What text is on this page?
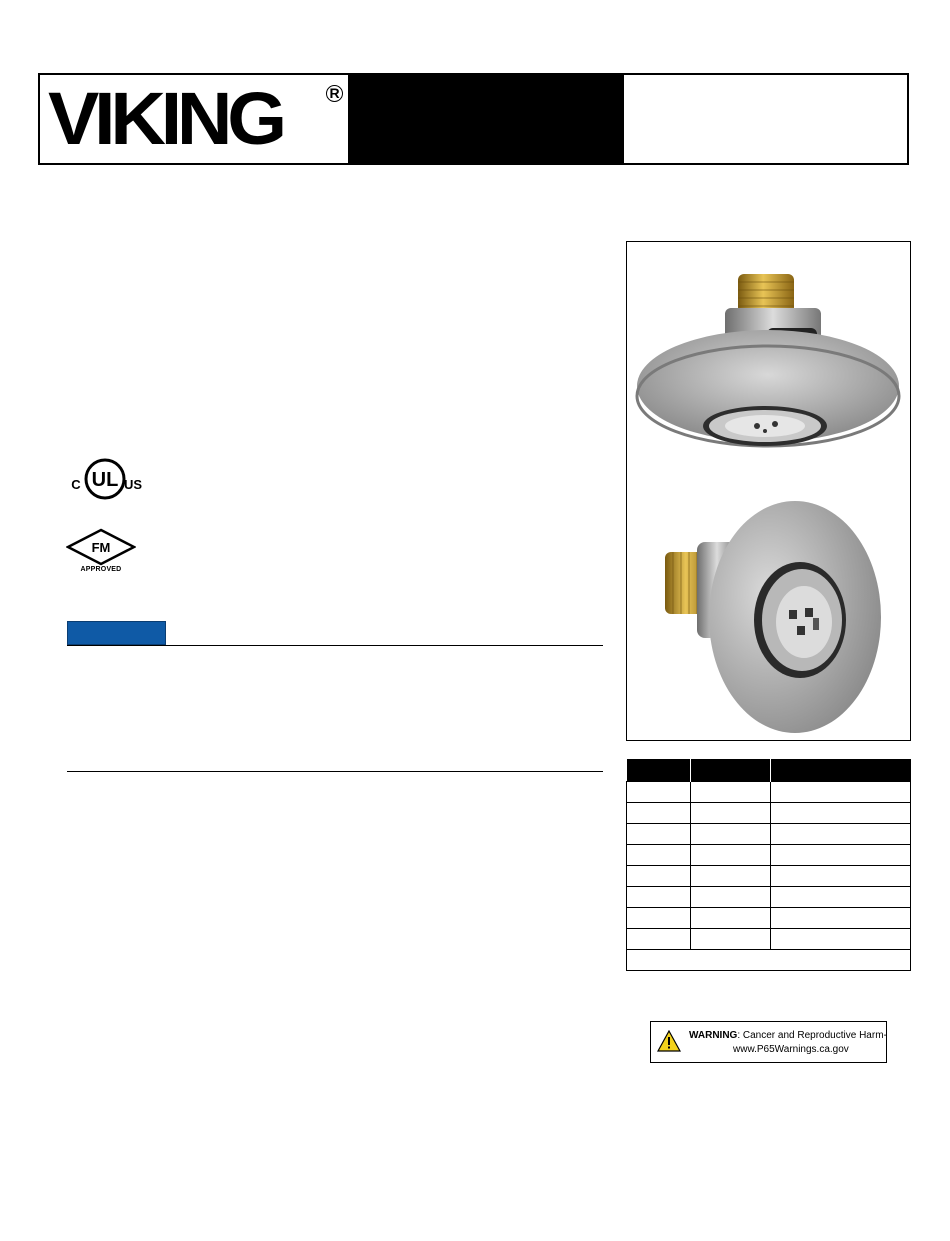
VIKING	R
C UL US
FM
APPROVED

WARNING: Cancer and Reproductive Harm-
www.P65Warnings.ca.gov
